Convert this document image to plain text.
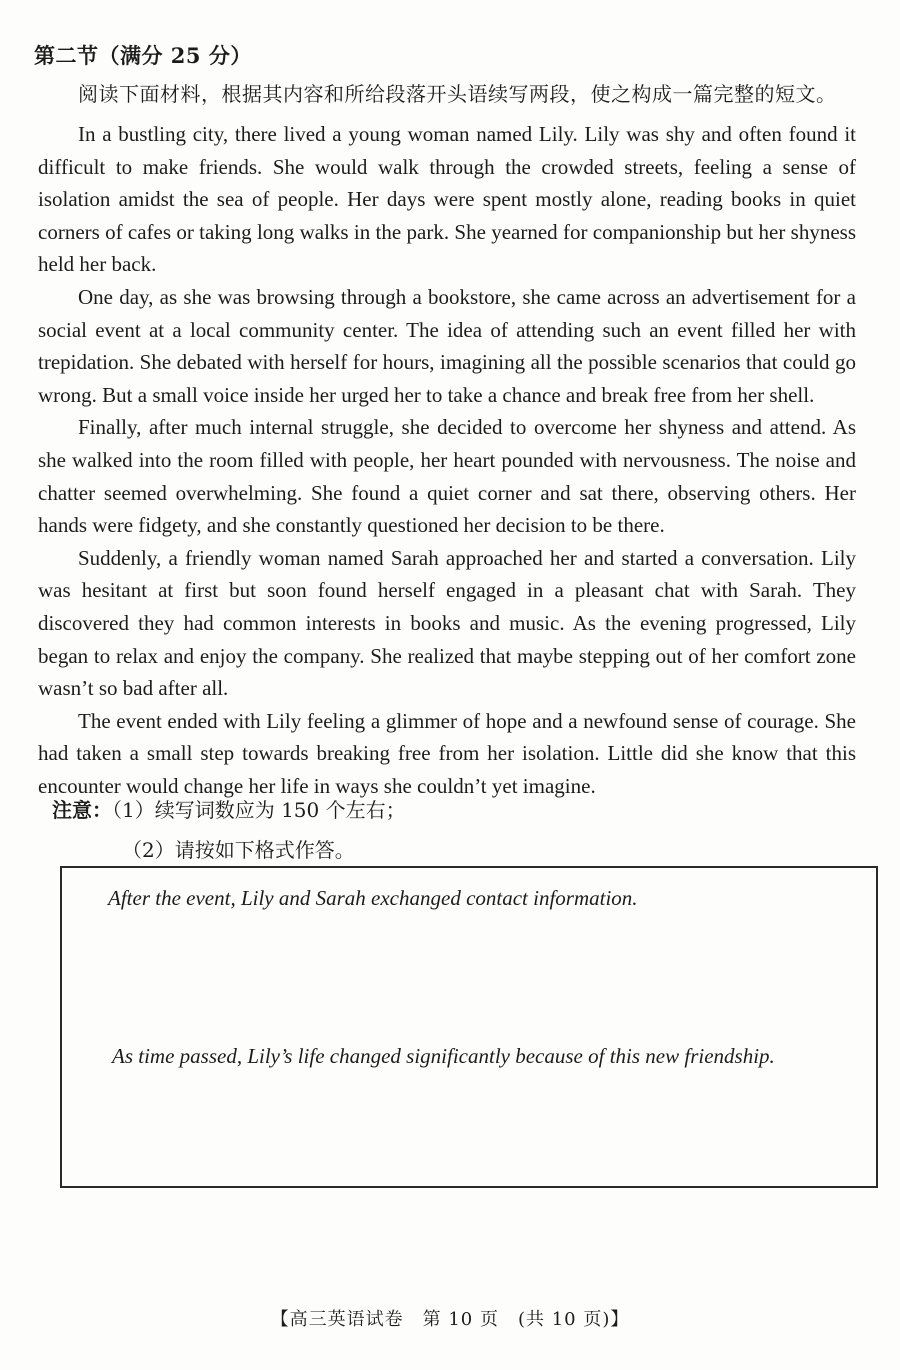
第二节（满分 25 分）
阅读下面材料，根据其内容和所给段落开头语续写两段，使之构成一篇完整的短文。

In a bustling city, there lived a young woman named Lily. Lily was shy and often found it difficult to make friends. She would walk through the crowded streets, feeling a sense of isolation amidst the sea of people. Her days were spent mostly alone, reading books in quiet corners of cafes or taking long walks in the park. She yearned for companionship but her shyness held her back.

One day, as she was browsing through a bookstore, she came across an advertisement for a social event at a local community center. The idea of attending such an event filled her with trepidation. She debated with herself for hours, imagining all the possible scenarios that could go wrong. But a small voice inside her urged her to take a chance and break free from her shell.

Finally, after much internal struggle, she decided to overcome her shyness and attend. As she walked into the room filled with people, her heart pounded with nervousness. The noise and chatter seemed overwhelming. She found a quiet corner and sat there, observing others. Her hands were fidgety, and she constantly questioned her decision to be there.

Suddenly, a friendly woman named Sarah approached her and started a conversation. Lily was hesitant at first but soon found herself engaged in a pleasant chat with Sarah. They discovered they had common interests in books and music. As the evening progressed, Lily began to relax and enjoy the company. She realized that maybe stepping out of her comfort zone wasn’t so bad after all.

The event ended with Lily feeling a glimmer of hope and a newfound sense of courage. She had taken a small step towards breaking free from her isolation. Little did she know that this encounter would change her life in ways she couldn’t yet imagine.

注意：（1）续写词数应为 150 个左右；
（2）请按如下格式作答。
After the event, Lily and Sarah exchanged contact information.
As time passed, Lily’s life changed significantly because of this new friendship.
【高三英语试卷　第 10 页　(共 10 页)】
